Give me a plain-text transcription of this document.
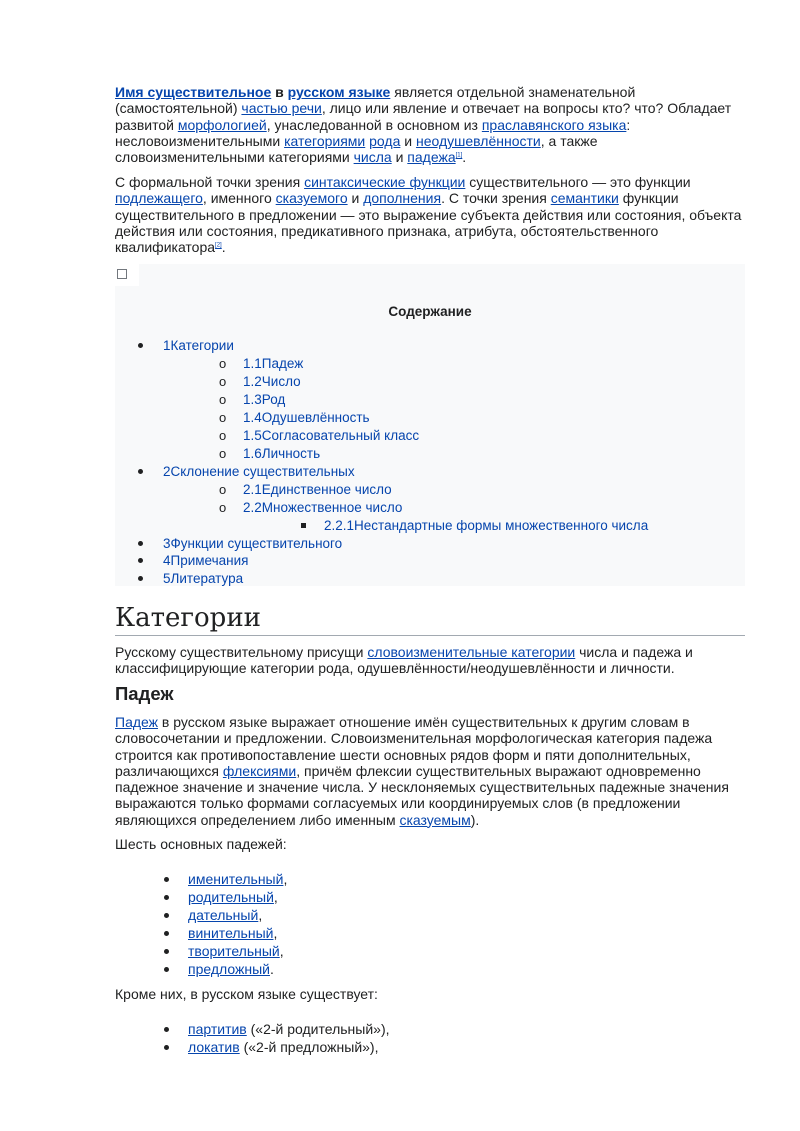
Имя существительное в русском языке является отдельной знаменательной (самостоятельной) частью речи, лицо или явление и отвечает на вопросы кто? что? Обладает развитой морфологией, унаследованной в основном из праславянского языка: несловоизменительными категориями рода и неодушевлённости, а также словоизменительными категориями числа и падежа[1].

С формальной точки зрения синтаксические функции существительного — это функции подлежащего, именного сказуемого и дополнения. С точки зрения семантики функции существительного в предложении — это выражение субъекта действия или состояния, объекта действия или состояния, предикативного признака, атрибута, обстоятельственного квалификатора[2].

Содержание
1Категории
o 1.1Падеж
o 1.2Число
o 1.3Род
o 1.4Одушевлённость
o 1.5Согласовательный класс
o 1.6Личность
2Склонение существительных
o 2.1Единственное число
o 2.2Множественное число
2.2.1Нестандартные формы множественного числа
3Функции существительного
4Примечания
5Литература
Категории

Русскому существительному присущи словоизменительные категории числа и падежа и классифицирующие категории рода, одушевлённости/неодушевлённости и личности.

Падеж

Падеж в русском языке выражает отношение имён существительных к другим словам в словосочетании и предложении. Словоизменительная морфологическая категория падежа строится как противопоставление шести основных рядов форм и пяти дополнительных, различающихся флексиями, причём флексии существительных выражают одновременно падежное значение и значение числа. У несклоняемых существительных падежные значения выражаются только формами согласуемых или координируемых слов (в предложении являющихся определением либо именным сказуемым).

Шесть основных падежей:

именительный,
родительный,
дательный,
винительный,
творительный,
предложный.

Кроме них, в русском языке существует:

партитив («2-й родительный»),
локатив («2-й предложный»),
